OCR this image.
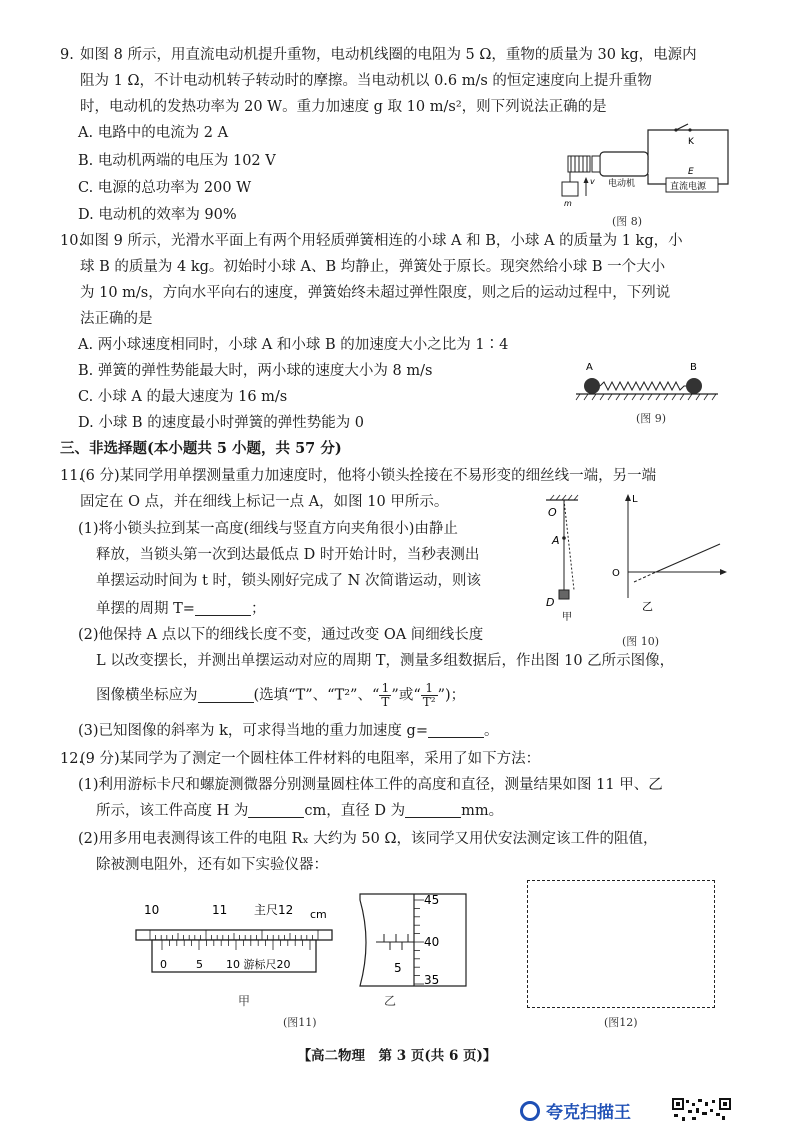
9. 如图 8 所示，用直流电动机提升重物，电动机线圈的电阻为 5 Ω，重物的质量为 30 kg，电源内
阻为 1 Ω，不计电动机转子转动时的摩擦。当电动机以 0.6 m/s 的恒定速度向上提升重物
时，电动机的发热功率为 20 W。重力加速度 g 取 10 m/s²，则下列说法正确的是
A. 电路中的电流为 2 A
B. 电动机两端的电压为 102 V
C. 电源的总功率为 200 W
D. 电动机的效率为 90%
v
m
K
E
电动机	直流电源
(图 8)
10.
如图 9 所示，光滑水平面上有两个用轻质弹簧相连的小球 A 和 B，小球 A 的质量为 1 kg，小
球 B 的质量为 4 kg。初始时小球 A、B 均静止，弹簧处于原长。现突然给小球 B 一个大小
为 10 m/s，方向水平向右的速度，弹簧始终未超过弹性限度，则之后的运动过程中，下列说
法正确的是
A. 两小球速度相同时，小球 A 和小球 B 的加速度大小之比为 1∶4
B. 弹簧的弹性势能最大时，两小球的速度大小为 8 m/s
C. 小球 A 的最大速度为 16 m/s
D. 小球 B 的速度最小时弹簧的弹性势能为 0
A	B
(图 9)
三、非选择题(本小题共 5 小题，共 57 分)
11.
(6 分)某同学用单摆测量重力加速度时，他将小锁头拴接在不易形变的细丝线一端，另一端
固定在 O 点，并在细线上标记一点 A，如图 10 甲所示。
(1)将小锁头拉到某一高度(细线与竖直方向夹角很小)由静止
释放，当锁头第一次到达最低点 D 时开始计时，当秒表测出
单摆运动时间为 t 时，锁头刚好完成了 N 次简谐运动，则该
单摆的周期 T=	；
(2)他保持 A 点以下的细线长度不变，通过改变 OA 间细线长度
L 以改变摆长，并测出单摆运动对应的周期 T，测量多组数据后，作出图 10 乙所示图像，
图像横坐标应为	(选填“T”、“T²”、“ $\frac{1}{T}$ ”或“ $\frac{1}{\text{T²}}$ ”)；
(3)已知图像的斜率为 k，可求得当地的重力加速度 g=	。
O
A
D
甲
L
O
乙
(图 10)
12.
(9 分)某同学为了测定一个圆柱体工件材料的电阻率，采用了如下方法：
(1)利用游标卡尺和螺旋测微器分别测量圆柱体工件的高度和直径，测量结果如图 11 甲、乙
所示，该工件高度 H 为	cm，直径 D 为	mm。
(2)用多用电表测得该工件的电阻 Rₓ 大约为 50 Ω，该同学又用伏安法测定该工件的阻值，
除被测电阻外，还有如下实验仪器：
10	11 主尺12 cm
0	5 10 游标尺20
甲
45
40
35
5
乙
(图11)	(图12)
【高二物理　第 3 页(共 6 页)】
夸克扫描王
